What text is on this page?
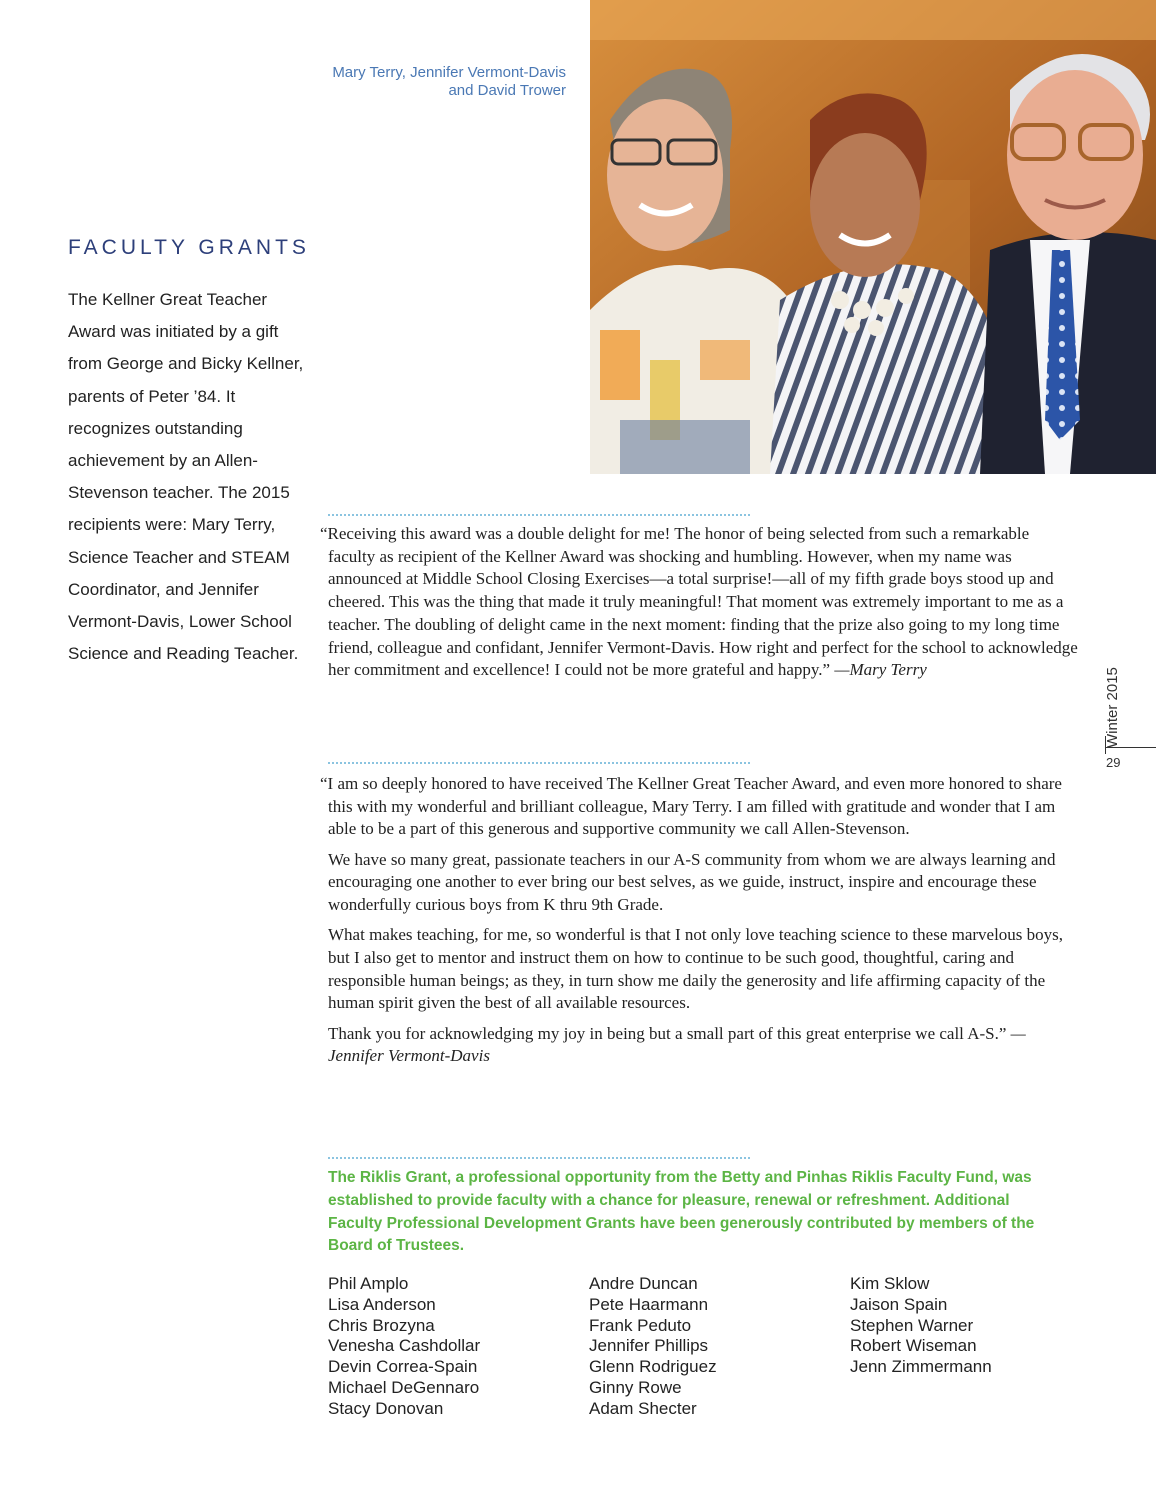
Mary Terry, Jennifer Vermont-Davis
and David Trower
FACULTY GRANTS
The Kellner Great Teacher Award was initiated by a gift from George and Bicky Kellner, parents of Peter ’84. It recognizes outstanding achievement by an Allen-Stevenson teacher. The 2015 recipients were: Mary Terry, Science Teacher and STEAM Coordinator, and Jennifer Vermont-Davis, Lower School Science and Reading Teacher.

“Receiving this award was a double delight for me! The honor of being selected from such a remarkable faculty as recipient of the Kellner Award was shocking and humbling. However, when my name was announced at Middle School Closing Exercises—a total surprise!—all of my fifth grade boys stood up and cheered. This was the thing that made it truly meaningful! That moment was extremely important to me as a teacher. The doubling of delight came in the next moment: finding that the prize also going to my long time friend, colleague and confidant, Jennifer Vermont-Davis. How right and perfect for the school to acknowledge her commitment and excellence! I could not be more grateful and happy.” —Mary Terry

“I am so deeply honored to have received The Kellner Great Teacher Award, and even more honored to share this with my wonderful and brilliant colleague, Mary Terry. I am filled with gratitude and wonder that I am able to be a part of this generous and supportive community we call Allen-Stevenson.

We have so many great, passionate teachers in our A-S community from whom we are always learning and encouraging one another to ever bring our best selves, as we guide, instruct, inspire and encourage these wonderfully curious boys from K thru 9th Grade.

What makes teaching, for me, so wonderful is that I not only love teaching science to these marvelous boys, but I also get to mentor and instruct them on how to continue to be such good, thoughtful, caring and responsible human beings; as they, in turn show me daily the generosity and life affirming capacity of the human spirit given the best of all available resources.

Thank you for acknowledging my joy in being but a small part of this great enterprise we call A-S.” — Jennifer Vermont-Davis

The Riklis Grant, a professional opportunity from the Betty and Pinhas Riklis Faculty Fund, was established to provide faculty with a chance for pleasure, renewal or refreshment. Additional Faculty Professional Development Grants have been generously contributed by members of the Board of Trustees.
Phil Amplo
Lisa Anderson
Chris Brozyna
Venesha Cashdollar
Devin Correa-Spain
Michael DeGennaro
Stacy Donovan
Andre Duncan
Pete Haarmann
Frank Peduto
Jennifer Phillips
Glenn Rodriguez
Ginny Rowe
Adam Shecter
Kim Sklow
Jaison Spain
Stephen Warner
Robert Wiseman
Jenn Zimmermann
Winter 2015
29
